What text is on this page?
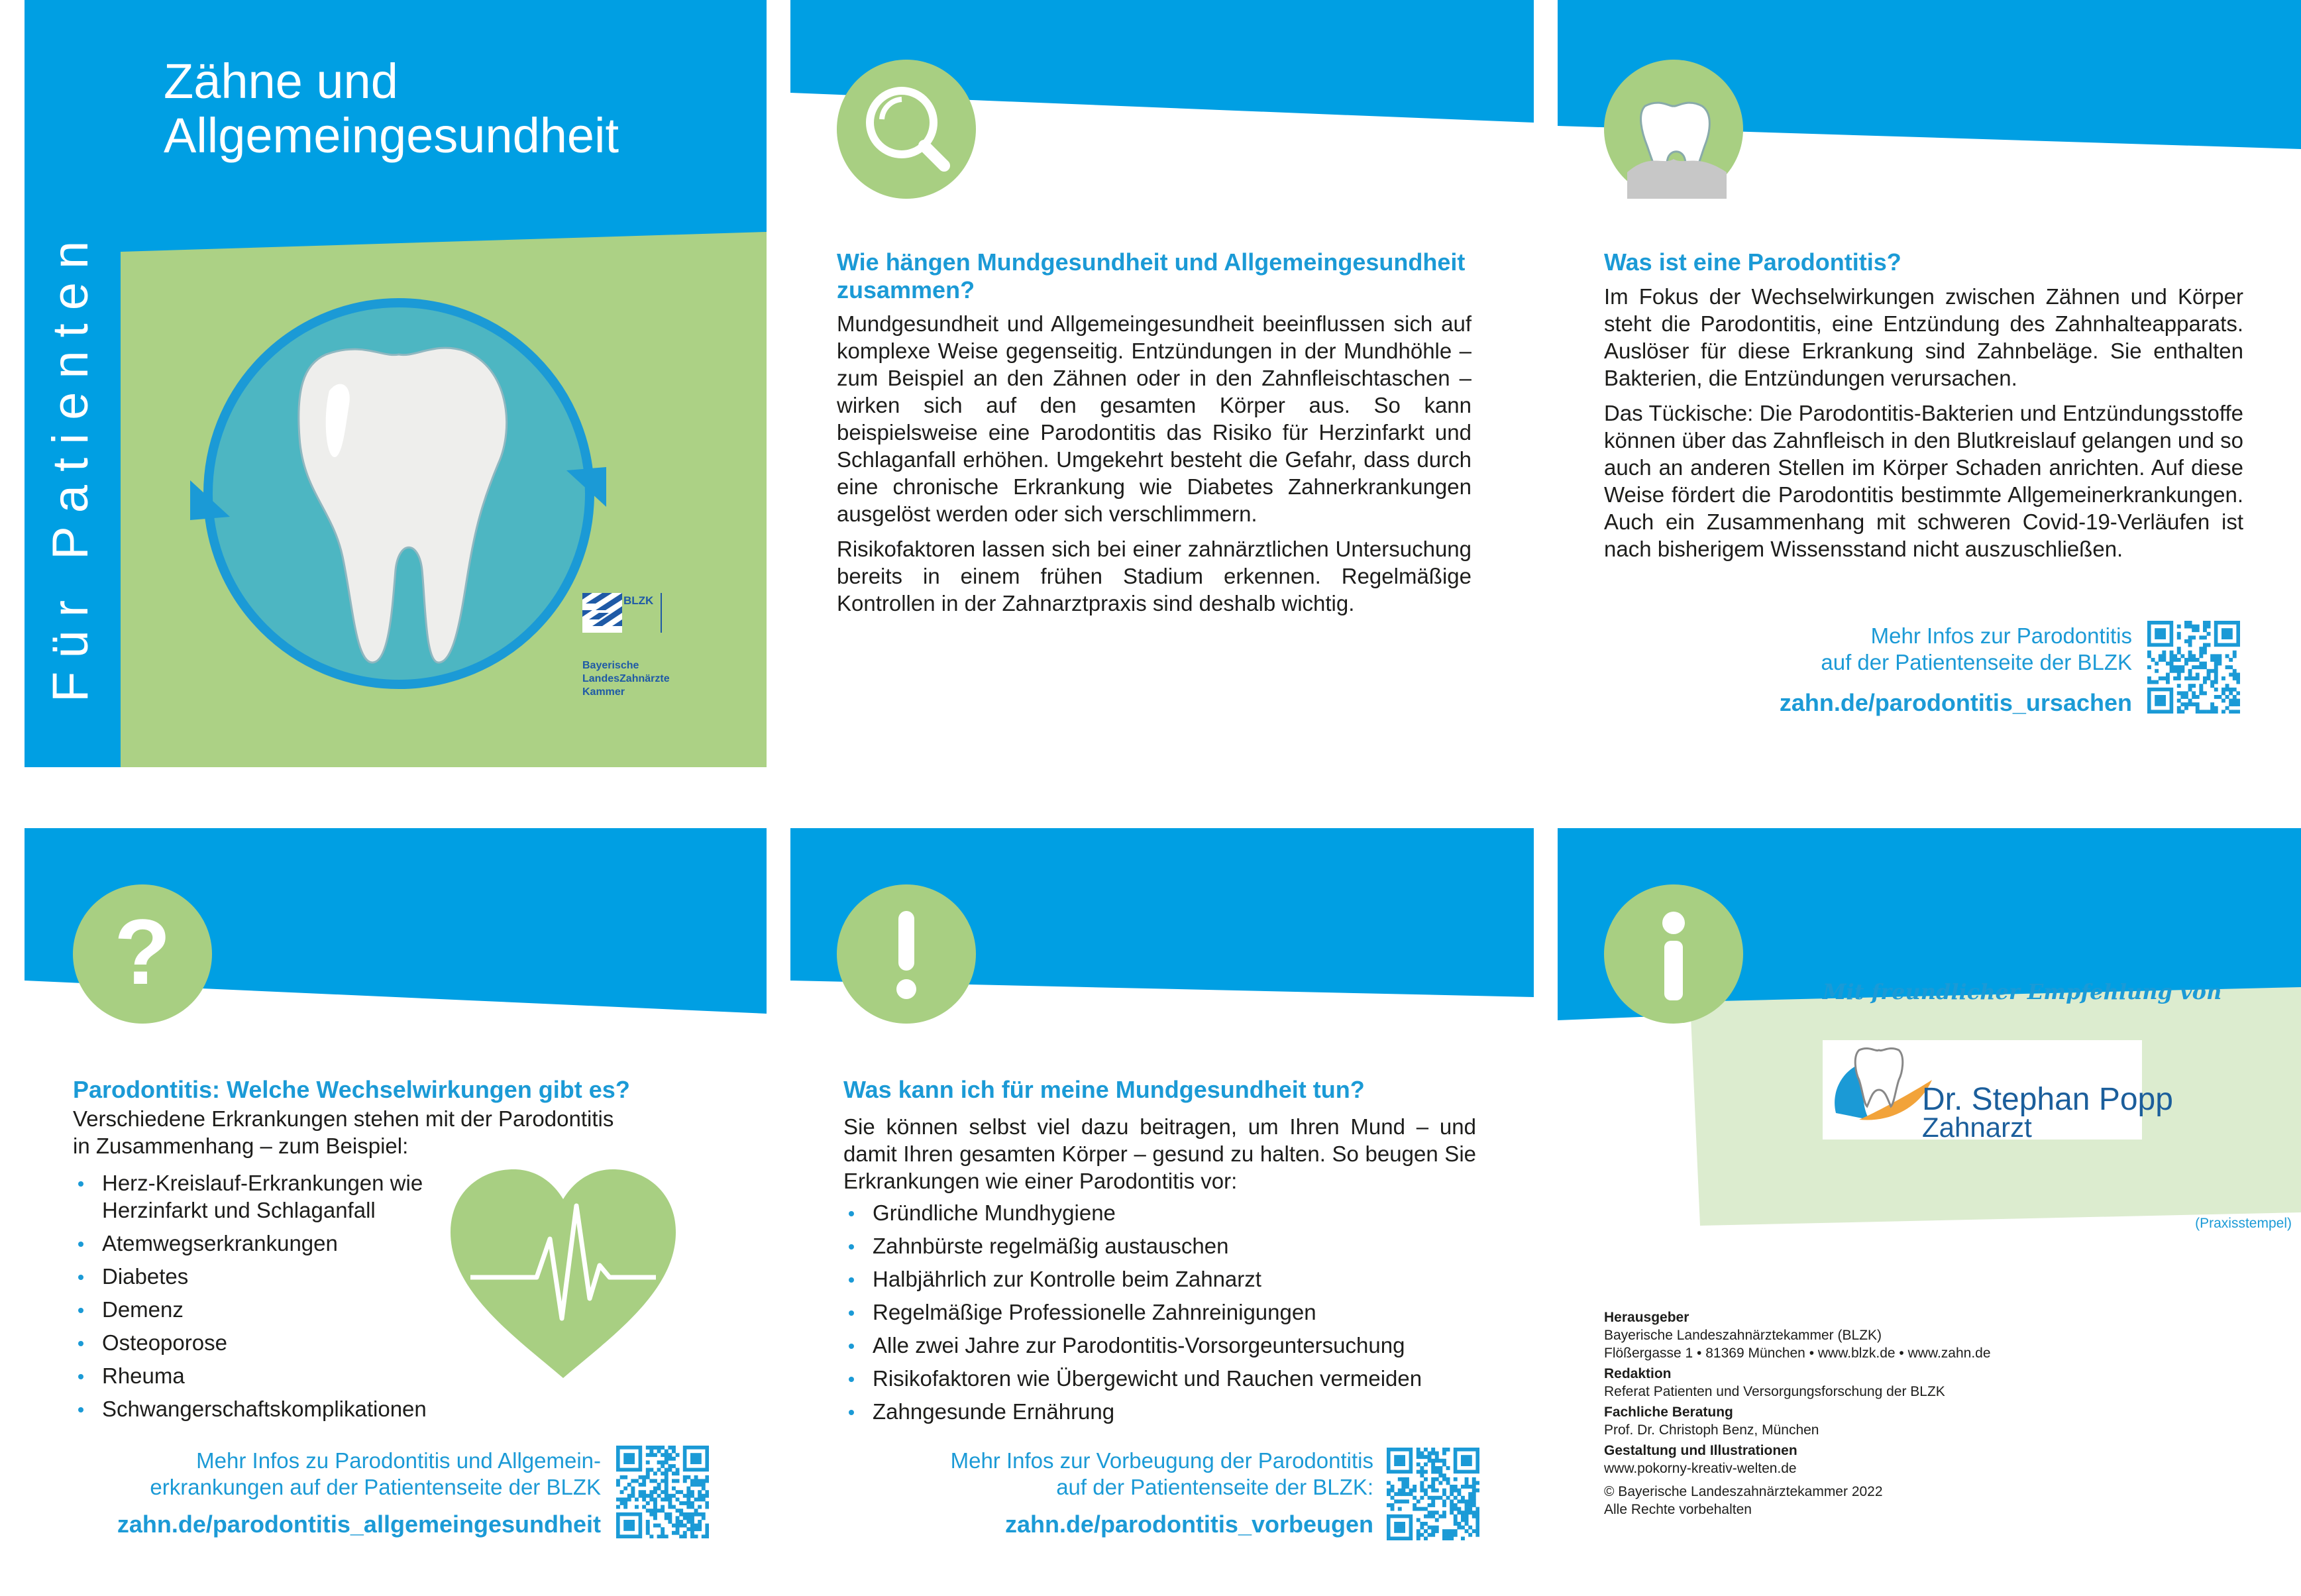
Für Patienten
Zähne und
Allgemeingesundheit
BLZK
Bayerische
LandesZahnärzte
Kammer
Wie hängen Mundgesundheit und Allgemeingesundheit zusammen?

Mundgesundheit und Allgemeingesundheit beeinflussen sich auf komplexe Weise gegenseitig. Entzündungen in der Mundhöhle – zum Beispiel an den Zähnen oder in den Zahnfleischtaschen – wirken sich auf den gesamten Körper aus. So kann beispielsweise eine Parodontitis das Risiko für Herzinfarkt und Schlaganfall erhöhen. Umgekehrt besteht die Gefahr, dass durch eine chronische Erkrankung wie Diabetes Zahnerkrankungen ausgelöst werden oder sich verschlimmern.

Risikofaktoren lassen sich bei einer zahnärztlichen Untersuchung bereits in einem frühen Stadium erkennen. Regelmäßige Kontrollen in der Zahnarztpraxis sind deshalb wichtig.

Was ist eine Parodontitis?

Im Fokus der Wechselwirkungen zwischen Zähnen und Körper steht die Parodontitis, eine Entzündung des Zahnhalteapparats. Auslöser für diese Erkrankung sind Zahnbeläge. Sie enthalten Bakterien, die Entzündungen verursachen.

Das Tückische: Die Parodontitis-Bakterien und Entzündungsstoffe können über das Zahnfleisch in den Blutkreislauf gelangen und so auch an anderen Stellen im Körper Schaden anrichten. Auf diese Weise fördert die Parodontitis bestimmte Allgemeinerkrankungen. Auch ein Zusammenhang mit schweren Covid-19-Verläufen ist nach bisherigem Wissensstand nicht auszuschließen.

Mehr Infos zur Parodontitis
auf der Patientenseite der BLZK
zahn.de/parodontitis_ursachen
?
Parodontitis: Welche Wechselwirkungen gibt es?
Verschiedene Erkrankungen stehen mit der Parodontitis in Zusammenhang – zum Beispiel:
Herz-Kreislauf-Erkrankungen wie Herzinfarkt und Schlaganfall
Atemwegserkrankungen
Diabetes
Demenz
Osteoporose
Rheuma
Schwangerschaftskomplikationen
Mehr Infos zu Parodontitis und Allgemein-
erkrankungen auf der Patientenseite der BLZK
zahn.de/parodontitis_allgemeingesundheit
Was kann ich für meine Mundgesundheit tun?

Sie können selbst viel dazu beitragen, um Ihren Mund – und damit Ihren gesamten Körper – gesund zu halten. So beugen Sie Erkrankungen wie einer Parodontitis vor:

Gründliche Mundhygiene
Zahnbürste regelmäßig austauschen
Halbjährlich zur Kontrolle beim Zahnarzt
Regelmäßige Professionelle Zahnreinigungen
Alle zwei Jahre zur Parodontitis-Vorsorgeuntersuchung
Risikofaktoren wie Übergewicht und Rauchen vermeiden
Zahngesunde Ernährung
Mehr Infos zur Vorbeugung der Parodontitis
auf der Patientenseite der BLZK:
zahn.de/parodontitis_vorbeugen
Mit freundlicher Empfehlung von
Dr. Stephan Popp
Zahnarzt
(Praxisstempel)
Herausgeber
Bayerische Landeszahnärztekammer (BLZK)
Flößergasse 1 • 81369 München • www.blzk.de • www.zahn.de
Redaktion
Referat Patienten und Versorgungsforschung der BLZK
Fachliche Beratung
Prof. Dr. Christoph Benz, München
Gestaltung und Illustrationen
www.pokorny-kreativ-welten.de
© Bayerische Landeszahnärztekammer 2022
Alle Rechte vorbehalten
